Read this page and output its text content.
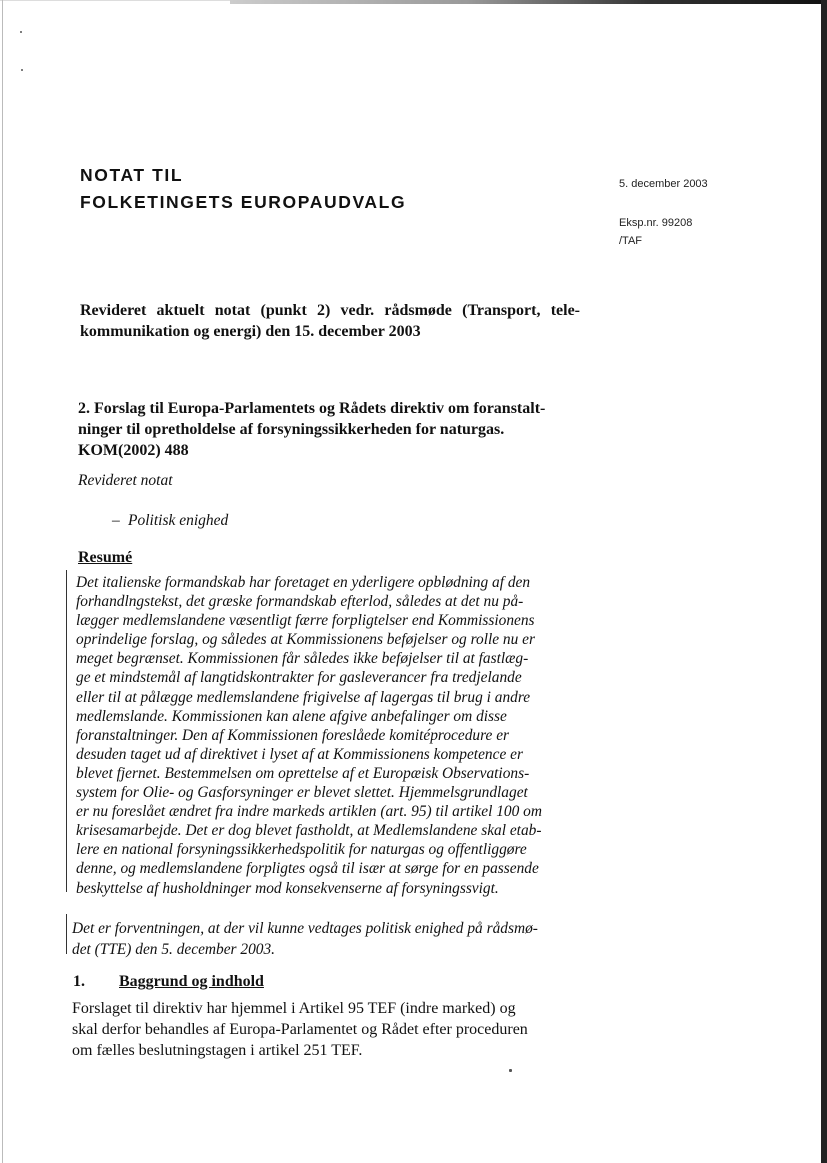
NOTAT TIL
FOLKETINGETS EUROPAUDVALG
5. december 2003
Eksp.nr. 99208
/TAF
Revideret aktuelt notat (punkt 2) vedr. rådsmøde (Transport, tele-kommunikation og energi) den 15. december 2003
2. Forslag til Europa-Parlamentets og Rådets direktiv om foranstalt-
ninger til opretholdelse af forsyningssikkerheden for naturgas.
KOM(2002) 488
Revideret notat
– Politisk enighed
Resumé
Det italienske formandskab har foretaget en yderligere opblødning af den
forhandlngstekst, det græske formandskab efterlod, således at det nu på-
lægger medlemslandene væsentligt færre forpligtelser end Kommissionens
oprindelige forslag, og således at Kommissionens beføjelser og rolle nu er
meget begrænset. Kommissionen får således ikke beføjelser til at fastlæg-
ge et mindstemål af langtidskontrakter for gasleverancer fra tredjelande
eller til at pålægge medlemslandene frigivelse af lagergas til brug i andre
medlemslande. Kommissionen kan alene afgive anbefalinger om disse
foranstaltninger. Den af Kommissionen foreslåede komitéprocedure er
desuden taget ud af direktivet i lyset af at Kommissionens kompetence er
blevet fjernet. Bestemmelsen om oprettelse af et Europæisk Observations-
system for Olie- og Gasforsyninger er blevet slettet. Hjemmelsgrundlaget
er nu foreslået ændret fra indre markeds artiklen (art. 95) til artikel 100 om
krisesamarbejde. Det er dog blevet fastholdt, at Medlemslandene skal etab-
lere en national forsyningssikkerhedspolitik for naturgas og offentliggøre
denne, og medlemslandene forpligtes også til især at sørge for en passende
beskyttelse af husholdninger mod konsekvenserne af forsyningssvigt.
Det er forventningen, at der vil kunne vedtages politisk enighed på rådsmø-
det (TTE) den 5. december 2003.
1. Baggrund og indhold
Forslaget til direktiv har hjemmel i Artikel 95 TEF (indre marked) og
skal derfor behandles af Europa-Parlamentet og Rådet efter proceduren
om fælles beslutningstagen i artikel 251 TEF.
